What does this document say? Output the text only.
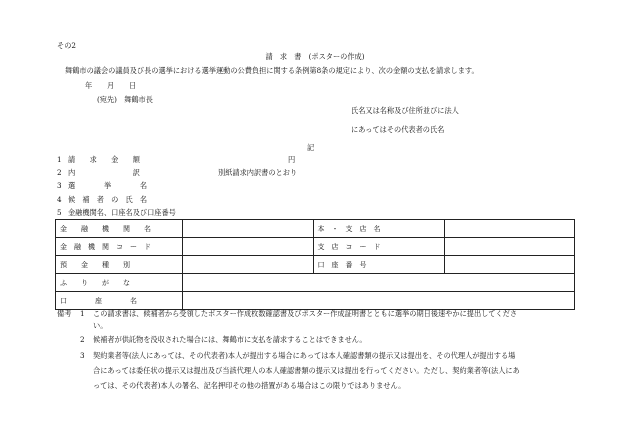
その2
請　求　書　(ポスターの作成)
舞鶴市の議会の議員及び長の選挙における選挙運動の公費負担に関する条例第8条の規定により、次の金額の支払を請求します。
年 月 日
(宛先)　舞鶴市長
氏名又は名称及び住所並びに法人
にあってはその代表者の氏名
記
1 請　　求　　金　　額	円
2 内　　　　　　　　訳	別紙請求内訳書のとおり
3 選　　　　挙　　　　名
4 候　補　者　の　氏　名
5 金融機関名、口座名及び口座番号
金　　融　　機　　関　　名		本　・　支　店　名	
金　融　機　関　コ　ー　ド		支　店　コ　ー　ド	
預　　金　　種　　別		口　座　番　号	
ふ　　り　　が　　な			
口　　　　座　　　　名			
備考 1 この請求書は、候補者から受領したポスター作成枚数確認書及びポスター作成証明書とともに選挙の期日後速やかに提出してくださ
い。
2 候補者が供託物を没収された場合には、舞鶴市に支払を請求することはできません。
3 契約業者等(法人にあっては、その代表者)本人が提出する場合にあっては本人確認書類の提示又は提出を、その代理人が提出する場
合にあっては委任状の提示又は提出及び当該代理人の本人確認書類の提示又は提出を行ってください。ただし、契約業者等(法人にあ
っては、その代表者)本人の署名、記名押印その他の措置がある場合はこの限りではありません。
